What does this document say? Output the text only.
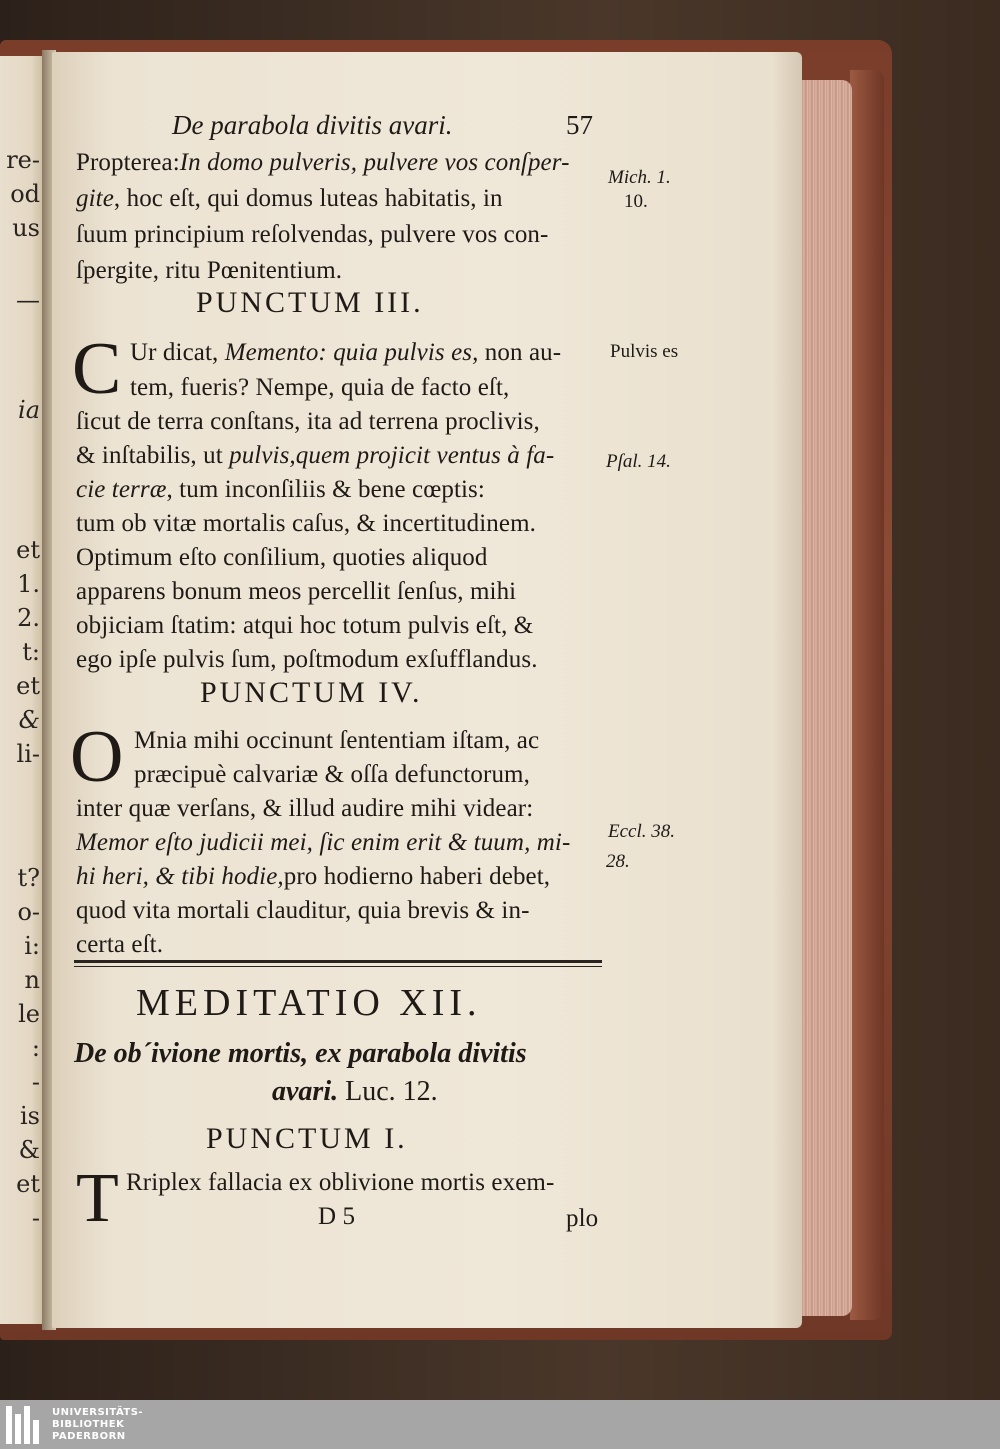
re-
od
us
—
ia
et
1.
2.
t:
et
&
li-
t?
o-
i:
n
le
:
-
is
&
et
-
De parabola divitis avari.	57
Propterea:In domo pulveris, pulvere vos conſper-
gite, hoc eſt, qui domus luteas habitatis, in
ſuum principium reſolvendas, pulvere vos con-
ſpergite, ritu Pœnitentium.
Mich. 1.
10.
Pulvis es
Pſal. 14.
Eccl. 38.
28.
PUNCTUM III.
C Ur dicat, Memento: quia pulvis es, non au-
tem, fueris? Nempe, quia de facto eſt,
ſicut de terra conſtans, ita ad terrena proclivis,
& inſtabilis, ut pulvis,quem projicit ventus à fa-
cie terræ, tum inconſiliis & bene cœptis:
tum ob vitæ mortalis caſus, & incertitudinem.
Optimum eſto conſilium, quoties aliquod
apparens bonum meos percellit ſenſus, mihi
objiciam ſtatim: atqui hoc totum pulvis eſt, &
ego ipſe pulvis ſum, poſtmodum exſufflandus.
PUNCTUM IV.
O Mnia mihi occinunt ſententiam iſtam, ac
præcipuè calvariæ & oſſa defunctorum,
inter quæ verſans, & illud audire mihi videar:
Memor eſto judicii mei, ſic enim erit & tuum, mi-
hi heri, & tibi hodie,pro hodierno haberi debet,
quod vita mortali clauditur, quia brevis & in-
certa eſt.
MEDITATIO XII.
De obˊivione mortis, ex parabola divitis
avari. Luc. 12.
PUNCTUM I.
T Rriplex fallacia ex oblivione mortis exem-
D 5	plo
UNIVERSITÄTS-
BIBLIOTHEK
PADERBORN
